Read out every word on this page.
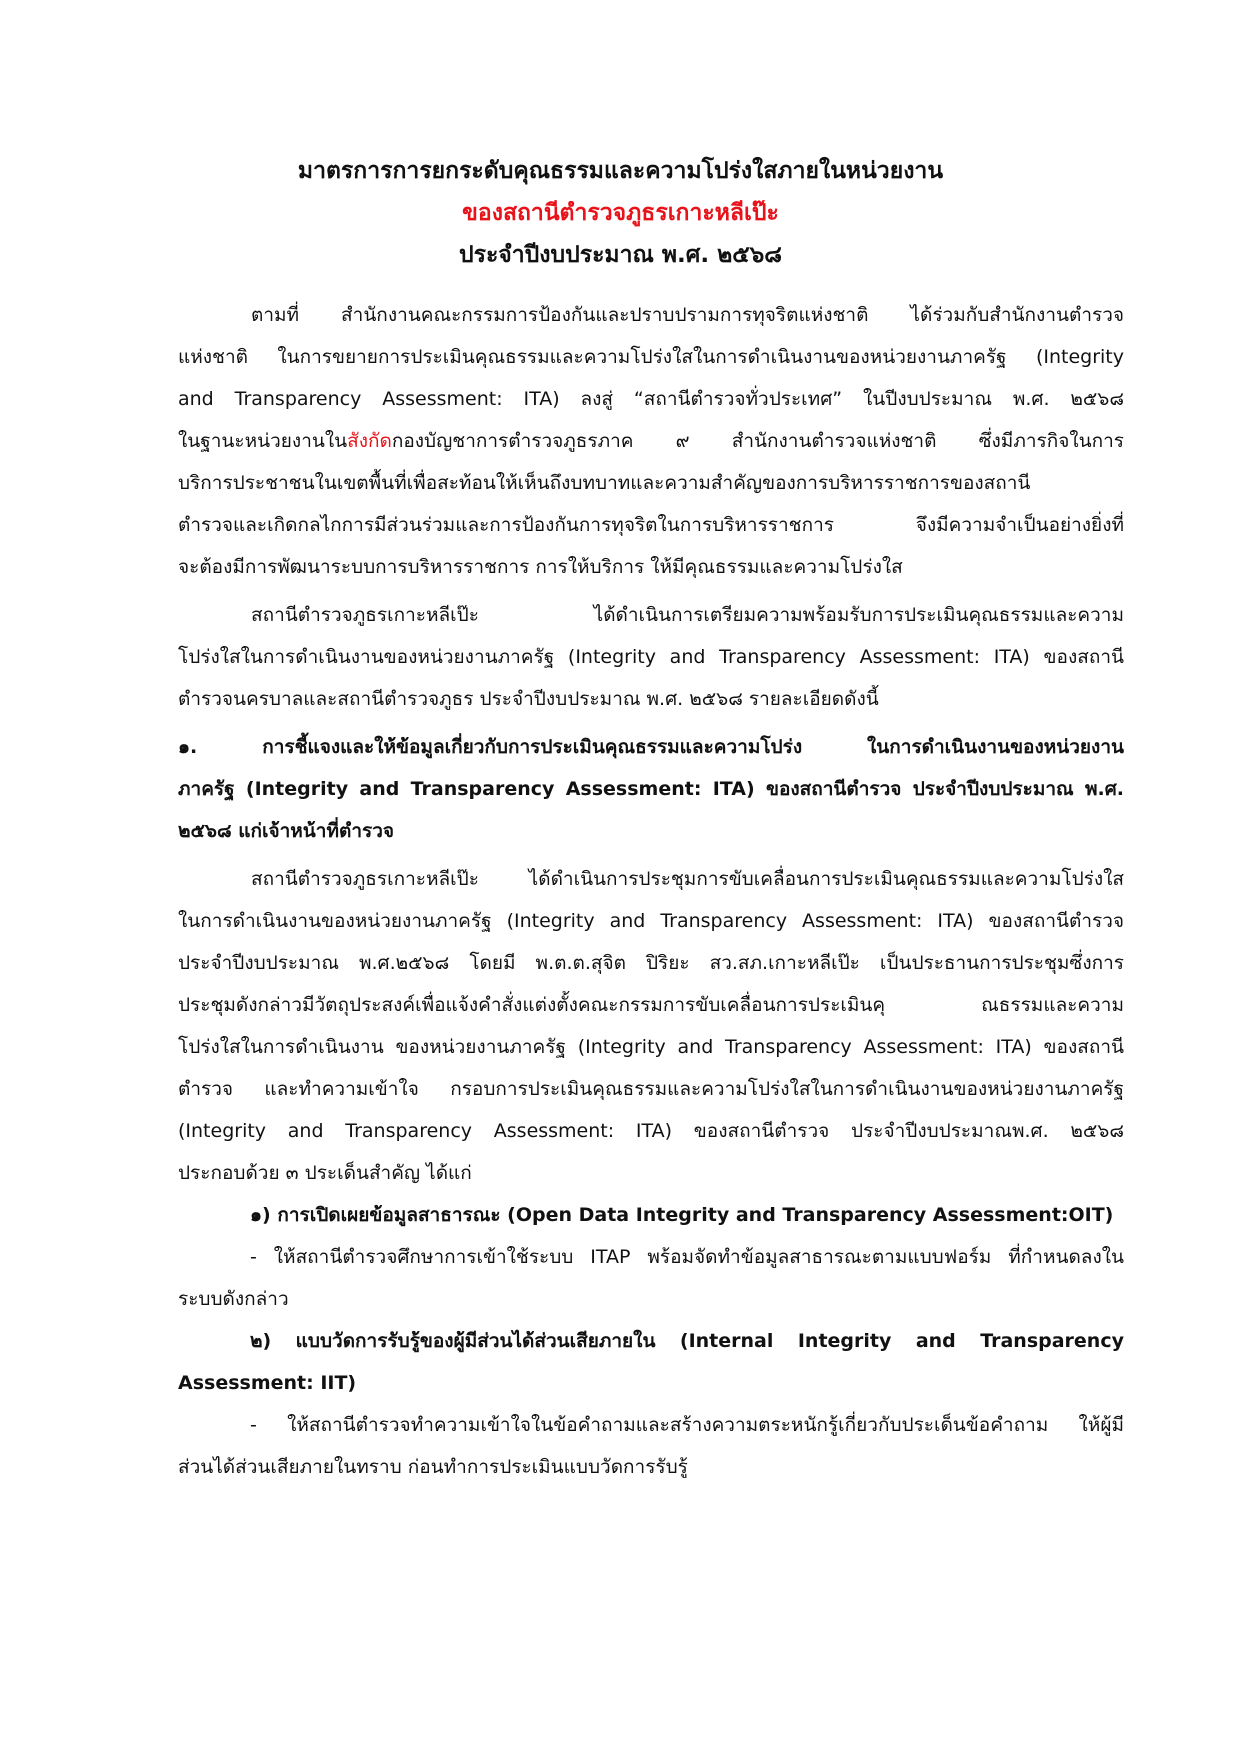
มาตรการการยกระดับคุณธรรมและความโปร่งใสภายในหน่วยงาน
ของสถานีตำรวจภูธรเกาะหลีเป๊ะ
ประจำปีงบประมาณ พ.ศ. ๒๕๖๘
ตามที่ สำนักงานคณะกรรมการป้องกันและปราบปรามการทุจริตแห่งชาติ ได้ร่วมกับสำนักงานตำรวจ
แห่งชาติ ในการขยายการประเมินคุณธรรมและความโปร่งใสในการดำเนินงานของหน่วยงานภาครัฐ (Integrity
and Transparency Assessment: ITA) ลงสู่ “สถานีตำรวจทั่วประเทศ” ในปีงบประมาณ พ.ศ. ๒๕๖๘
ในฐานะหน่วยงานในสังกัดกองบัญชาการตำรวจภูธรภาค ๙ สำนักงานตำรวจแห่งชาติ ซึ่งมีภารกิจในการ
บริการประชาชนในเขตพื้นที่เพื่อสะท้อนให้เห็นถึงบทบาทและความสำคัญของการบริหารราชการของสถานี
ตำรวจและเกิดกลไกการมีส่วนร่วมและการป้องกันการทุจริตในการบริหารราชการ จึงมีความจำเป็นอย่างยิ่งที่
จะต้องมีการพัฒนาระบบการบริหารราชการ การให้บริการ ให้มีคุณธรรมและความโปร่งใส
สถานีตำรวจภูธรเกาะหลีเป๊ะ ได้ดำเนินการเตรียมความพร้อมรับการประเมินคุณธรรมและความ
โปร่งใสในการดำเนินงานของหน่วยงานภาครัฐ (Integrity and Transparency Assessment: ITA) ของสถานี
ตำรวจนครบาลและสถานีตำรวจภูธร ประจำปีงบประมาณ พ.ศ. ๒๕๖๘ รายละเอียดดังนี้
๑. การชี้แจงและให้ข้อมูลเกี่ยวกับการประเมินคุณธรรมและความโปร่ง ในการดำเนินงานของหน่วยงาน
ภาครัฐ (Integrity and Transparency Assessment: ITA) ของสถานีตำรวจ ประจำปีงบประมาณ พ.ศ.
๒๕๖๘ แก่เจ้าหน้าที่ตำรวจ
สถานีตำรวจภูธรเกาะหลีเป๊ะ ได้ดำเนินการประชุมการขับเคลื่อนการประเมินคุณธรรมและความโปร่งใส
ในการดำเนินงานของหน่วยงานภาครัฐ (Integrity and Transparency Assessment: ITA) ของสถานีตำรวจ
ประจำปีงบประมาณ พ.ศ.๒๕๖๘ โดยมี พ.ต.ต.สุจิต ปิริยะ สว.สภ.เกาะหลีเป๊ะ เป็นประธานการประชุมซึ่งการ
ประชุมดังกล่าวมีวัตถุประสงค์เพื่อแจ้งคำสั่งแต่งตั้งคณะกรรมการขับเคลื่อนการประเมินคุ ณธรรมและความ
โปร่งใสในการดำเนินงาน ของหน่วยงานภาครัฐ (Integrity and Transparency Assessment: ITA) ของสถานี
ตำรวจ และทำความเข้าใจ กรอบการประเมินคุณธรรมและความโปร่งใสในการดำเนินงานของหน่วยงานภาครัฐ
(Integrity and Transparency Assessment: ITA) ของสถานีตำรวจ ประจำปีงบประมาณพ.ศ. ๒๕๖๘
ประกอบด้วย ๓ ประเด็นสำคัญ ได้แก่
๑) การเปิดเผยข้อมูลสาธารณะ (Open Data Integrity and Transparency Assessment:OIT)
- ให้สถานีตำรวจศึกษาการเข้าใช้ระบบ ITAP พร้อมจัดทำข้อมูลสาธารณะตามแบบฟอร์ม ที่กำหนดลงใน
ระบบดังกล่าว
๒) แบบวัดการรับรู้ของผู้มีส่วนได้ส่วนเสียภายใน (Internal Integrity and Transparency
Assessment: IIT)
- ให้สถานีตำรวจทำความเข้าใจในข้อคำถามและสร้างความตระหนักรู้เกี่ยวกับประเด็นข้อคำถาม ให้ผู้มี
ส่วนได้ส่วนเสียภายในทราบ ก่อนทำการประเมินแบบวัดการรับรู้
